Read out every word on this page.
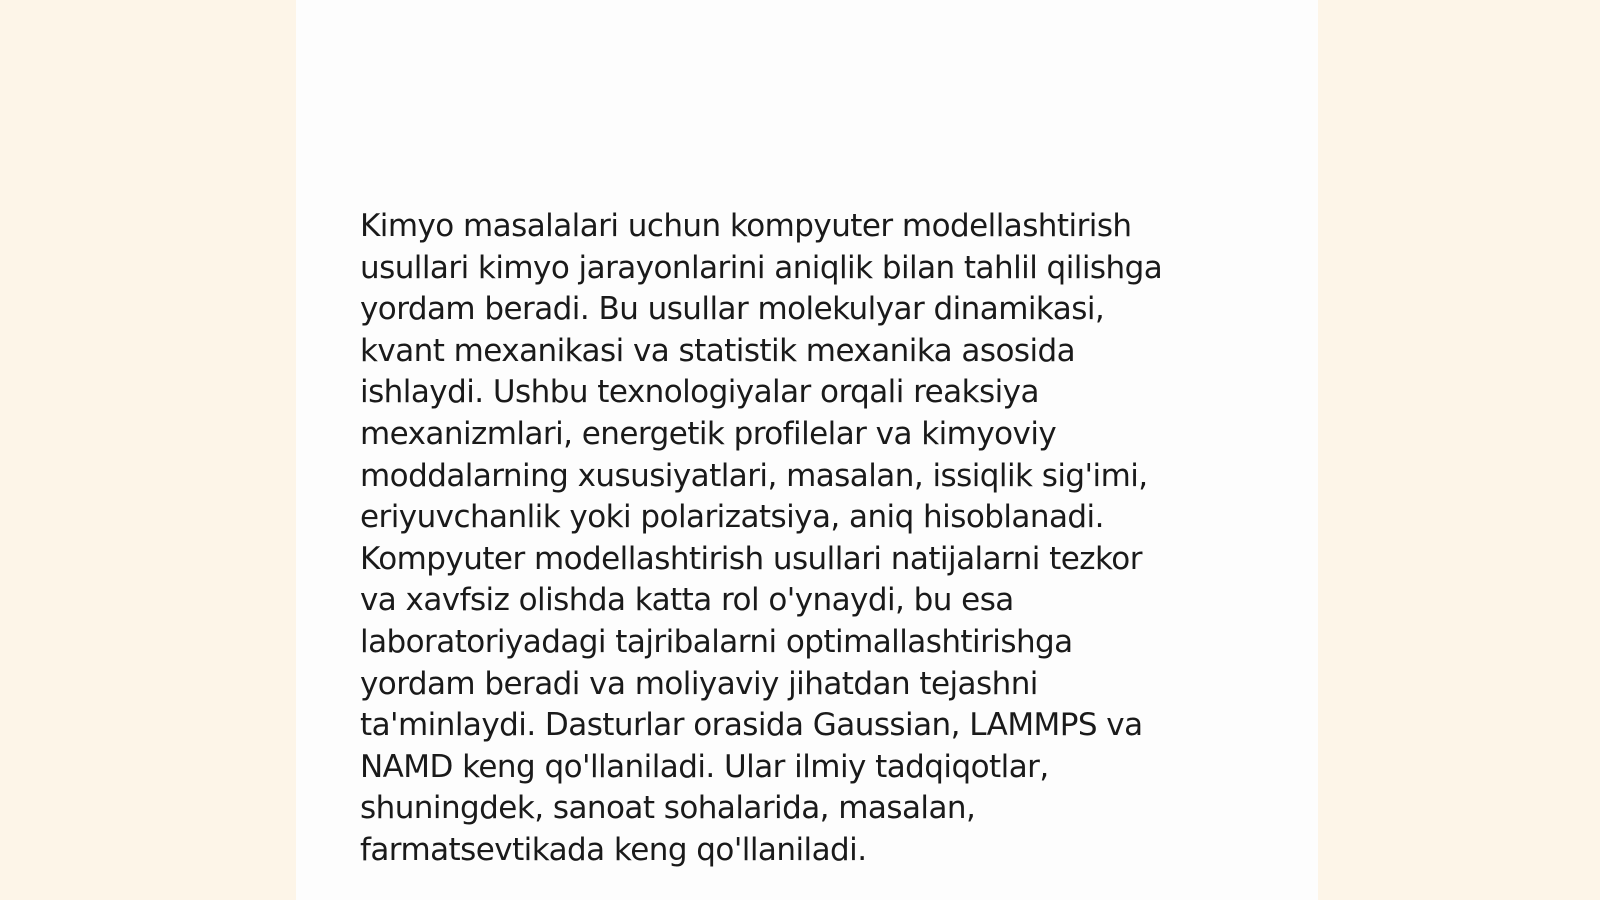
Kimyo masalalari uchun kompyuter modellashtirish
usullari kimyo jarayonlarini aniqlik bilan tahlil qilishga
yordam beradi. Bu usullar molekulyar dinamikasi,
kvant mexanikasi va statistik mexanika asosida
ishlaydi. Ushbu texnologiyalar orqali reaksiya
mexanizmlari, energetik profilelar va kimyoviy
moddalarning xususiyatlari, masalan, issiqlik sig'imi,
eriyuvchanlik yoki polarizatsiya, aniq hisoblanadi.
Kompyuter modellashtirish usullari natijalarni tezkor
va xavfsiz olishda katta rol o'ynaydi, bu esa
laboratoriyadagi tajribalarni optimallashtirishga
yordam beradi va moliyaviy jihatdan tejashni
ta'minlaydi. Dasturlar orasida Gaussian, LAMMPS va
NAMD keng qo'llaniladi. Ular ilmiy tadqiqotlar,
shuningdek, sanoat sohalarida, masalan,
farmatsevtikada keng qo'llaniladi.
